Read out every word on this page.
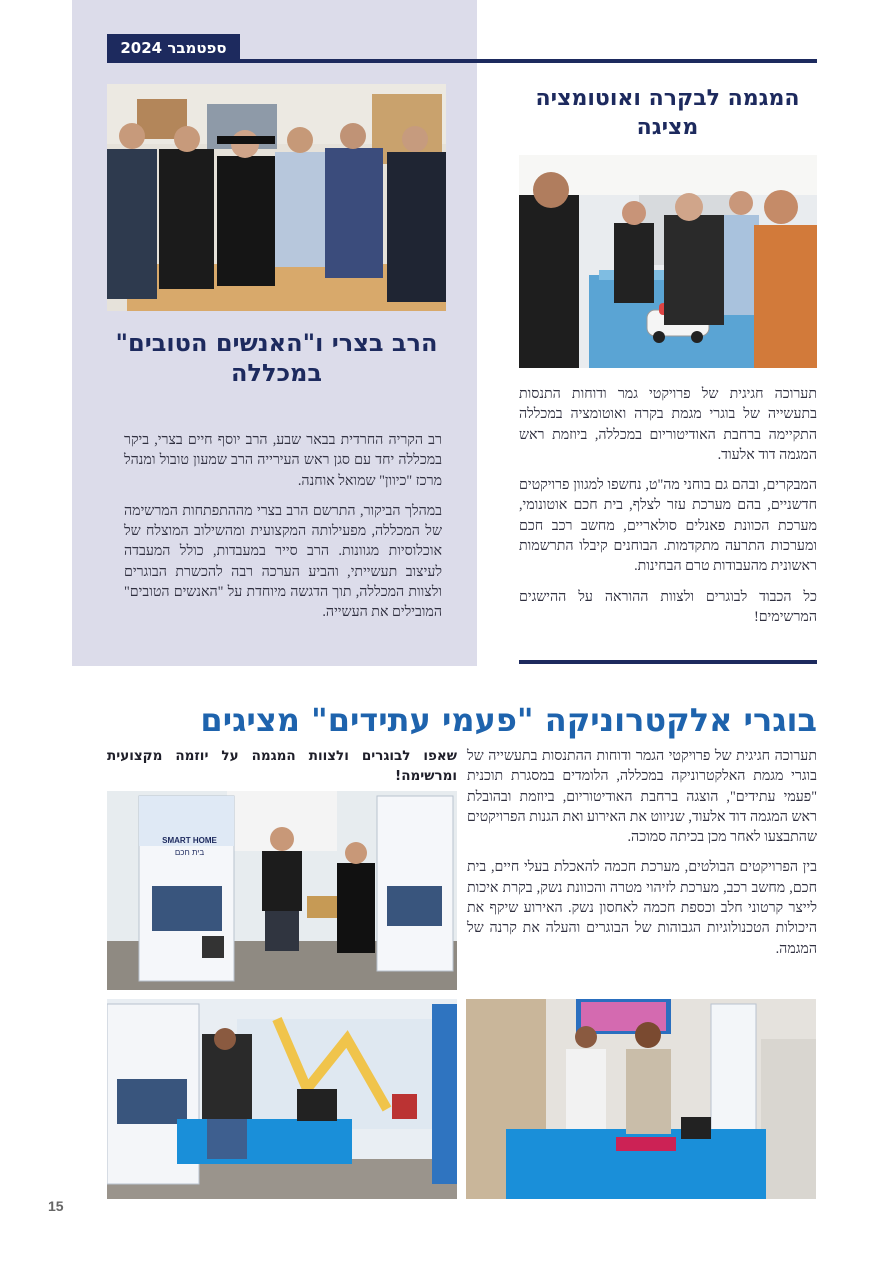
ספטמבר 2024
המגמה לבקרה ואוטומציה מציגה

תערוכה חגיגית של פרויקטי גמר ודוחות התנסות בתעשייה של בוגרי מגמת בקרה ואוטומציה במכללה התקיימה ברחבת האודיטוריום במכללה, ביוזמת ראש המגמה דוד אלעוד.

המבקרים, ובהם גם בוחני מה"ט, נחשפו למגוון פרויקטים חדשניים, בהם מערכת עזר לצלף, בית חכם אוטונומי, מערכת הכוונת פאנלים סולאריים, מחשב רכב חכם ומערכות התרעה מתקדמות. הבוחנים קיבלו התרשמות ראשונית מהעבודות טרם הבחינות.

כל הכבוד לבוגרים ולצוות ההוראה על ההישגים המרשימים!

הרב בצרי ו"האנשים הטובים" במכללה

רב הקריה החרדית בבאר שבע, הרב יוסף חיים בצרי, ביקר במכללה יחד עם סגן ראש העירייה הרב שמעון טובול ומנהל מרכז "כיוון" שמואל אוחנה.

במהלך הביקור, התרשם הרב בצרי מההתפתחות המרשימה של המכללה, מפעילותה המקצועית ומהשילוב המוצלח של אוכלוסיות מגוונות. הרב סייר במעבדות, כולל המעבדה לעיצוב תעשייתי, והביע הערכה רבה להכשרת הבוגרים ולצוות המכללה, תוך הדגשה מיוחדת על "האנשים הטובים" המובילים את העשייה.

בוגרי אלקטרוניקה "פעמי עתידים" מציגים

תערוכה חגיגית של פרויקטי הגמר ודוחות ההתנסות בתעשייה של בוגרי מגמת האלקטרוניקה במכללה, הלומדים במסגרת תוכנית "פעמי עתידים", הוצגה ברחבת האודיטוריום, ביוזמת ובהובלת ראש המגמה דוד אלעוד, שניווט את האירוע ואת הגנות הפרויקטים שהתבצעו לאחר מכן בכיתה סמוכה.

בין הפרויקטים הבולטים, מערכת חכמה להאכלת בעלי חיים, בית חכם, מחשב רכב, מערכת לזיהוי מטרה והכוונת נשק, בקרת איכות לייצר קרטוני חלב וכספת חכמה לאחסון נשק. האירוע שיקף את היכולות הטכנולוגיות הגבוהות של הבוגרים והעלה את קרנה של המגמה.

שאפו לבוגרים ולצוות המגמה על יוזמה מקצועית ומרשימה!
SMART HOME
בית חכם
15
